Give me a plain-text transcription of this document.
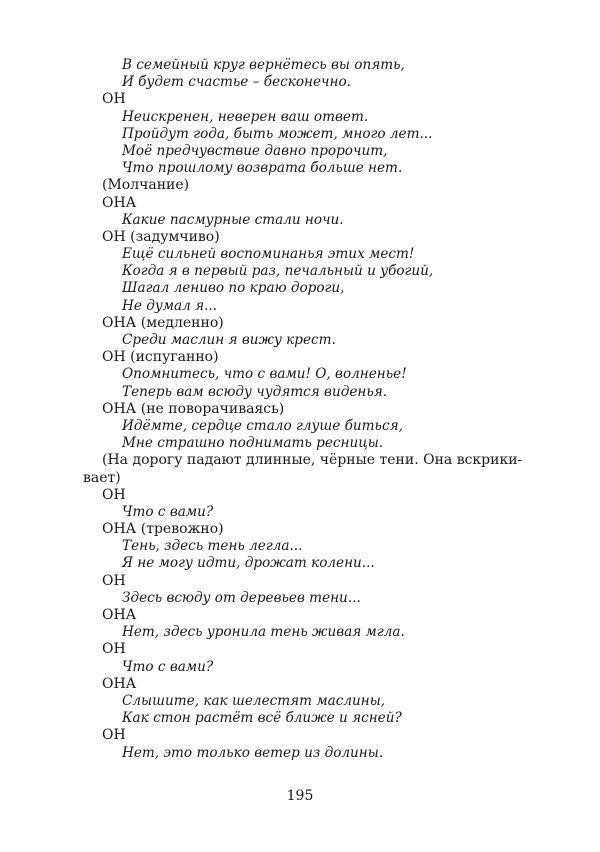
В семейный круг вернётесь вы опять,
И будет счастье – бесконечно.
ОН
Неискренен, неверен ваш ответ.
Пройдут года, быть может, много лет...
Моё предчувствие давно пророчит,
Что прошлому возврата больше нет.
(Молчание)
ОНА
Какие пасмурные стали ночи.
ОН (задумчиво)
Ещё сильней воспоминанья этих мест!
Когда я в первый раз, печальный и убогий,
Шагал лениво по краю дороги,
Не думал я...
ОНА (медленно)
Среди маслин я вижу крест.
ОН (испуганно)
Опомнитесь, что с вами! О, волненье!
Теперь вам всюду чудятся виденья.
ОНА (не поворачиваясь)
Идёмте, сердце стало глуше биться,
Мне страшно поднимать ресницы.
(На дорогу падают длинные, чёрные тени. Она вскрики-
вает)
ОН
Что с вами?
ОНА (тревожно)
Тень, здесь тень легла...
Я не могу идти, дрожат колени...
ОН
Здесь всюду от деревьев тени...
ОНА
Нет, здесь уронила тень живая мгла.
ОН
Что с вами?
ОНА
Слышите, как шелестят маслины,
Как стон растёт всё ближе и ясней?
ОН
Нет, это только ветер из долины.
195
